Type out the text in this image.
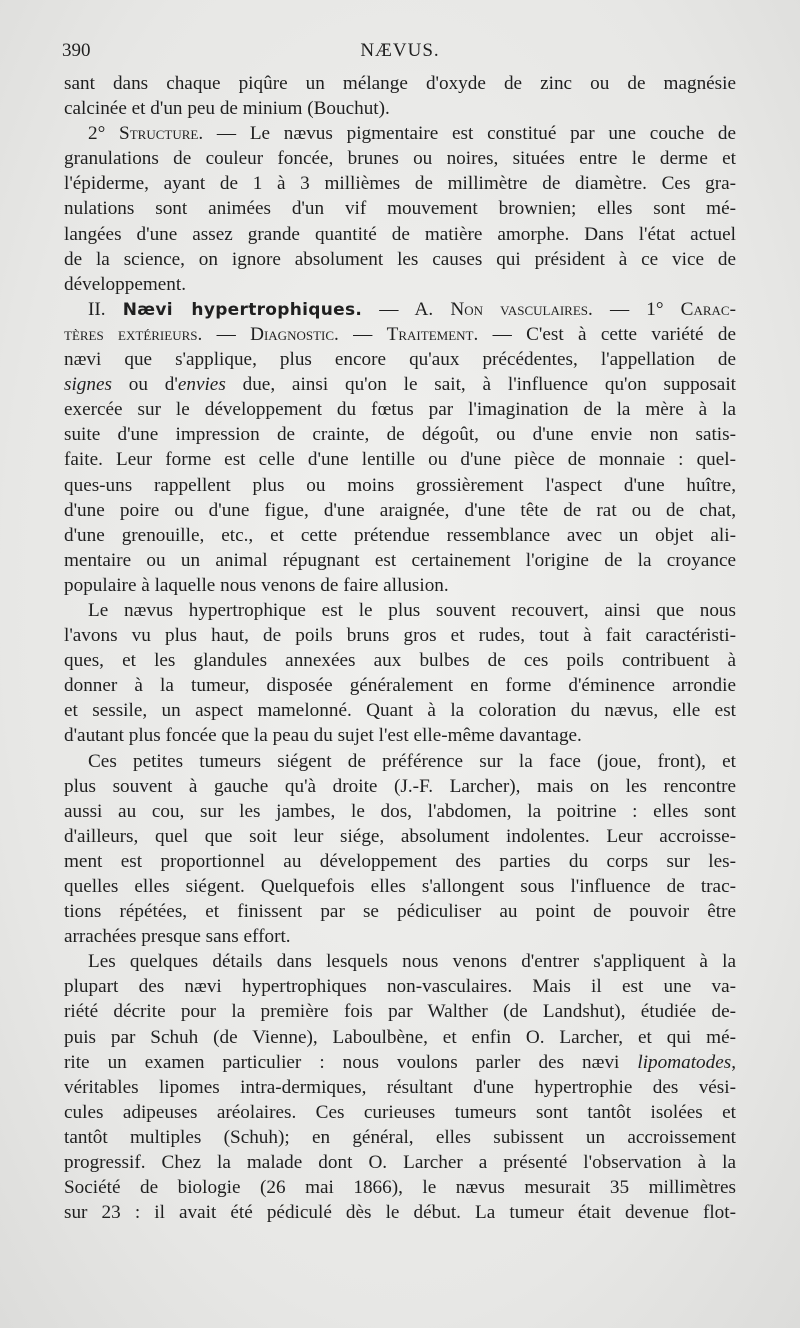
390	NÆVUS.
sant dans chaque piqûre un mélange d'oxyde de zinc ou de magnésie
calcinée et d'un peu de minium (Bouchut).
2° Structure. — Le nævus pigmentaire est constitué par une couche de
granulations de couleur foncée, brunes ou noires, situées entre le derme et
l'épiderme, ayant de 1 à 3 millièmes de millimètre de diamètre. Ces gra-
nulations sont animées d'un vif mouvement brownien; elles sont mé-
langées d'une assez grande quantité de matière amorphe. Dans l'état actuel
de la science, on ignore absolument les causes qui président à ce vice de
développement.
II. Nævi hypertrophiques. — A. Non vasculaires. — 1° Carac-
tères extérieurs. — Diagnostic. — Traitement. — C'est à cette variété de
nævi que s'applique, plus encore qu'aux précédentes, l'appellation de
signes ou d'envies due, ainsi qu'on le sait, à l'influence qu'on supposait
exercée sur le développement du fœtus par l'imagination de la mère à la
suite d'une impression de crainte, de dégoût, ou d'une envie non satis-
faite. Leur forme est celle d'une lentille ou d'une pièce de monnaie : quel-
ques-uns rappellent plus ou moins grossièrement l'aspect d'une huître,
d'une poire ou d'une figue, d'une araignée, d'une tête de rat ou de chat,
d'une grenouille, etc., et cette prétendue ressemblance avec un objet ali-
mentaire ou un animal répugnant est certainement l'origine de la croyance
populaire à laquelle nous venons de faire allusion.
Le nævus hypertrophique est le plus souvent recouvert, ainsi que nous
l'avons vu plus haut, de poils bruns gros et rudes, tout à fait caractéristi-
ques, et les glandules annexées aux bulbes de ces poils contribuent à
donner à la tumeur, disposée généralement en forme d'éminence arrondie
et sessile, un aspect mamelonné. Quant à la coloration du nævus, elle est
d'autant plus foncée que la peau du sujet l'est elle-même davantage.
Ces petites tumeurs siégent de préférence sur la face (joue, front), et
plus souvent à gauche qu'à droite (J.-F. Larcher), mais on les rencontre
aussi au cou, sur les jambes, le dos, l'abdomen, la poitrine : elles sont
d'ailleurs, quel que soit leur siége, absolument indolentes. Leur accroisse-
ment est proportionnel au développement des parties du corps sur les-
quelles elles siégent. Quelquefois elles s'allongent sous l'influence de trac-
tions répétées, et finissent par se pédiculiser au point de pouvoir être
arrachées presque sans effort.
Les quelques détails dans lesquels nous venons d'entrer s'appliquent à la
plupart des nævi hypertrophiques non-vasculaires. Mais il est une va-
riété décrite pour la première fois par Walther (de Landshut), étudiée de-
puis par Schuh (de Vienne), Laboulbène, et enfin O. Larcher, et qui mé-
rite un examen particulier : nous voulons parler des nævi lipomatodes,
véritables lipomes intra-dermiques, résultant d'une hypertrophie des vési-
cules adipeuses aréolaires. Ces curieuses tumeurs sont tantôt isolées et
tantôt multiples (Schuh); en général, elles subissent un accroissement
progressif. Chez la malade dont O. Larcher a présenté l'observation à la
Société de biologie (26 mai 1866), le nævus mesurait 35 millimètres
sur 23 : il avait été pédiculé dès le début. La tumeur était devenue flot-
